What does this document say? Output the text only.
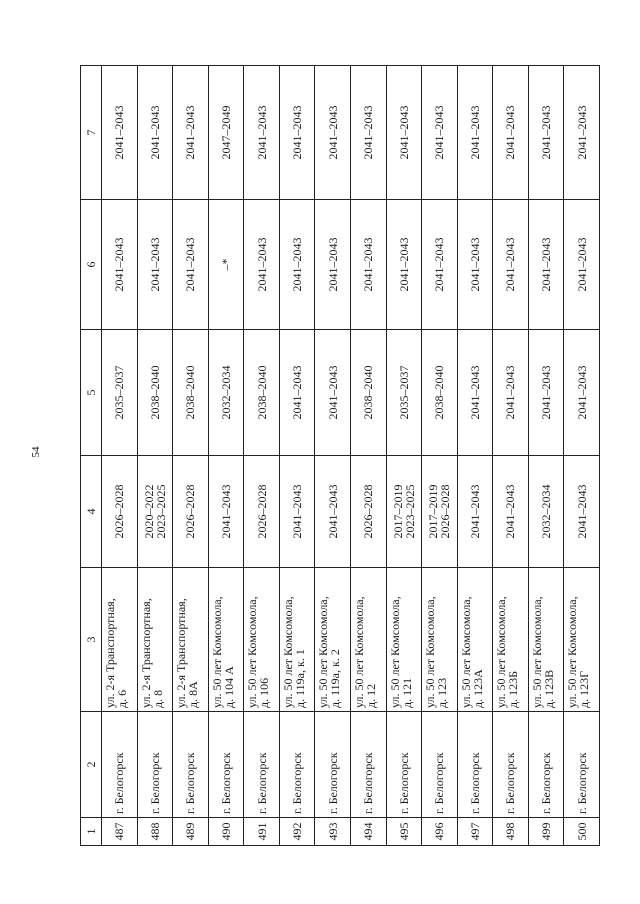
54
1	2	3	4	5	6	7
487	г. Белогорск	ул. 2-я Транспортная,
д. 6	2026–2028	2035–2037	2041–2043	2041–2043
488	г. Белогорск	ул. 2-я Транспортная,
д. 8	2020–2022
2023–2025	2038–2040	2041–2043	2041–2043
489	г. Белогорск	ул. 2-я Транспортная,
д. 8А	2026–2028	2038–2040	2041–2043	2041–2043
490	г. Белогорск	ул. 50 лет Комсомола,
д. 104 А	2041–2043	2032–2034	–*	2047–2049
491	г. Белогорск	ул. 50 лет Комсомола,
д. 106	2026–2028	2038–2040	2041–2043	2041–2043
492	г. Белогорск	ул. 50 лет Комсомола,
д. 119а, к. 1	2041–2043	2041–2043	2041–2043	2041–2043
493	г. Белогорск	ул. 50 лет Комсомола,
д. 119а, к. 2	2041–2043	2041–2043	2041–2043	2041–2043
494	г. Белогорск	ул. 50 лет Комсомола,
д. 12	2026–2028	2038–2040	2041–2043	2041–2043
495	г. Белогорск	ул. 50 лет Комсомола,
д. 121	2017–2019
2023–2025	2035–2037	2041–2043	2041–2043
496	г. Белогорск	ул. 50 лет Комсомола,
д. 123	2017–2019
2026–2028	2038–2040	2041–2043	2041–2043
497	г. Белогорск	ул. 50 лет Комсомола,
д. 123А	2041–2043	2041–2043	2041–2043	2041–2043
498	г. Белогорск	ул. 50 лет Комсомола,
д. 123Б	2041–2043	2041–2043	2041–2043	2041–2043
499	г. Белогорск	ул. 50 лет Комсомола,
д. 123В	2032–2034	2041–2043	2041–2043	2041–2043
500	г. Белогорск	ул. 50 лет Комсомола,
д. 123Г	2041–2043	2041–2043	2041–2043	2041–2043
